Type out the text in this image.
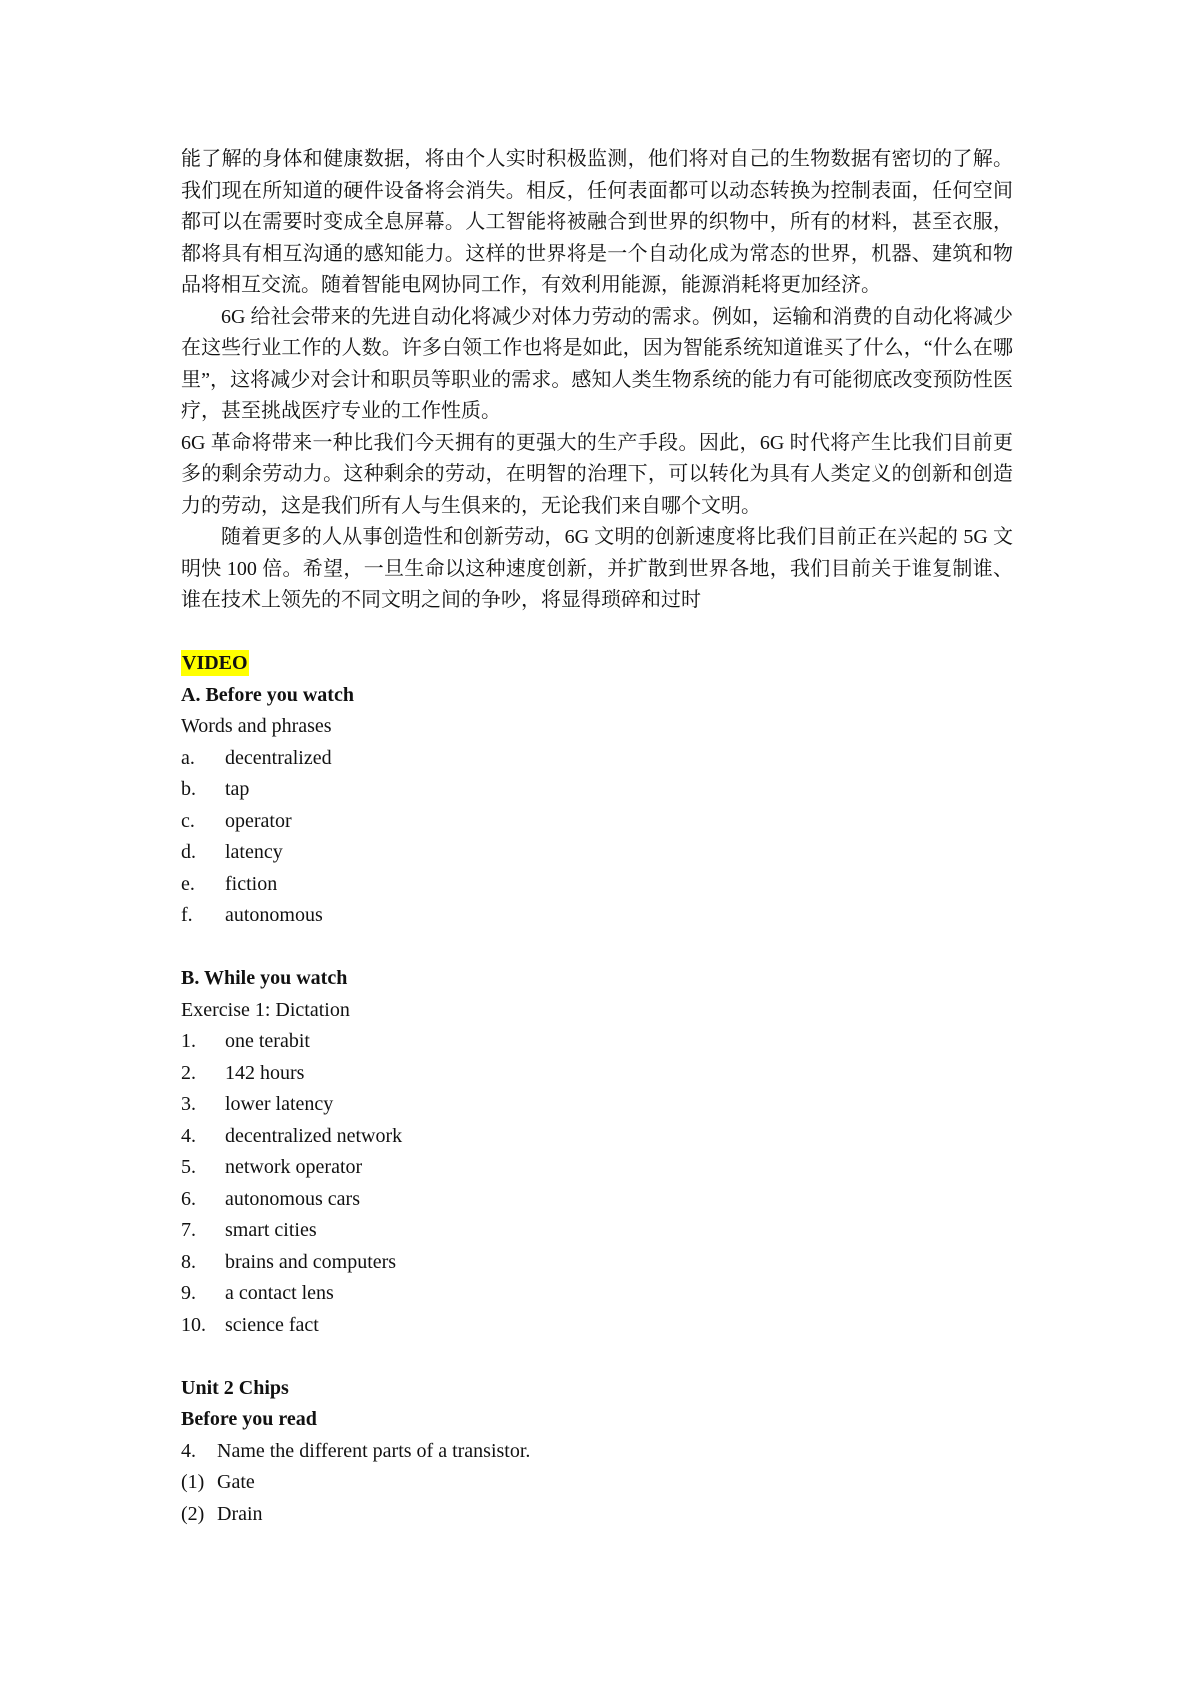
能了解的身体和健康数据，将由个人实时积极监测，他们将对自己的生物数据有密切的了解。我们现在所知道的硬件设备将会消失。相反，任何表面都可以动态转换为控制表面，任何空间都可以在需要时变成全息屏幕。人工智能将被融合到世界的织物中，所有的材料，甚至衣服，都将具有相互沟通的感知能力。这样的世界将是一个自动化成为常态的世界，机器、建筑和物品将相互交流。随着智能电网协同工作，有效利用能源，能源消耗将更加经济。

6G 给社会带来的先进自动化将减少对体力劳动的需求。例如，运输和消费的自动化将减少在这些行业工作的人数。许多白领工作也将是如此，因为智能系统知道谁买了什么，“什么在哪里”，这将减少对会计和职员等职业的需求。感知人类生物系统的能力有可能彻底改变预防性医疗，甚至挑战医疗专业的工作性质。

6G 革命将带来一种比我们今天拥有的更强大的生产手段。因此，6G 时代将产生比我们目前更多的剩余劳动力。这种剩余的劳动，在明智的治理下，可以转化为具有人类定义的创新和创造力的劳动，这是我们所有人与生俱来的，无论我们来自哪个文明。

随着更多的人从事创造性和创新劳动，6G 文明的创新速度将比我们目前正在兴起的 5G 文明快 100 倍。希望，一旦生命以这种速度创新，并扩散到世界各地，我们目前关于谁复制谁、谁在技术上领先的不同文明之间的争吵，将显得琐碎和过时

VIDEO

A. Before you watch

Words and phrases

a.	decentralized
b.	tap
c.	operator
d.	latency
e.	fiction
f.	autonomous

B. While you watch

Exercise 1: Dictation

1.	one terabit
2.	142 hours
3.	lower latency
4.	decentralized network
5.	network operator
6.	autonomous cars
7.	smart cities
8.	brains and computers
9.	a contact lens
10. science fact

Unit 2 Chips

Before you read

4.	Name the different parts of a transistor.
(1) Gate
(2) Drain
